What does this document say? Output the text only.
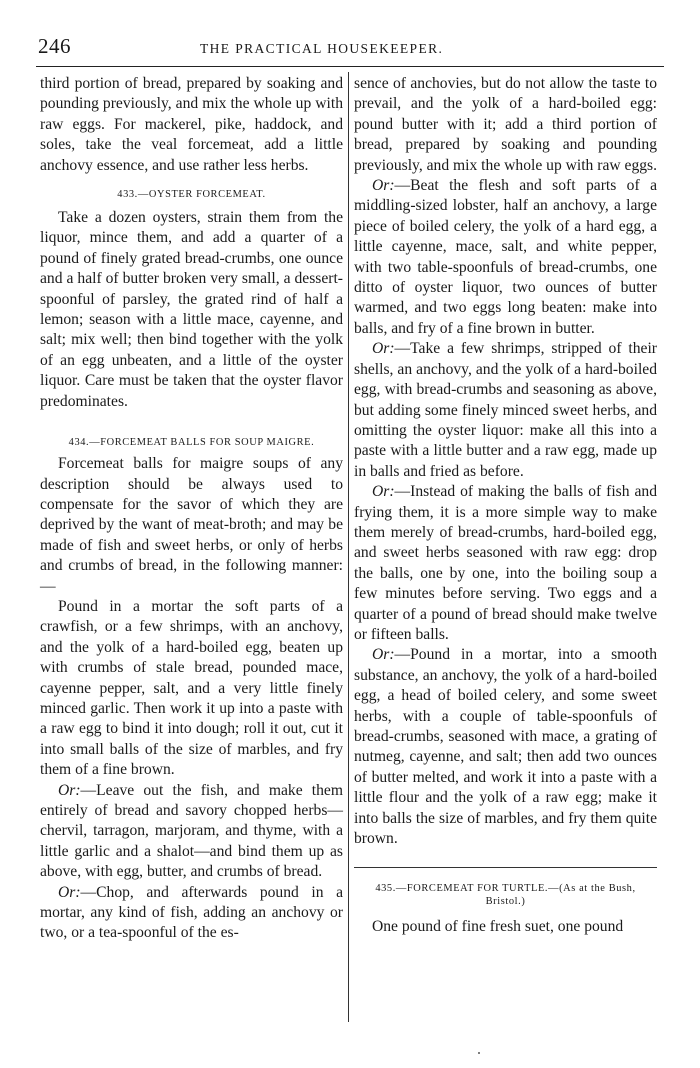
246	THE PRACTICAL HOUSEKEEPER.

third portion of bread, prepared by soaking and pounding previously, and mix the whole up with raw eggs. For mackerel, pike, haddock, and soles, take the veal forcemeat, add a little anchovy essence, and use rather less herbs.

433.—OYSTER FORCEMEAT.

Take a dozen oysters, strain them from the liquor, mince them, and add a quarter of a pound of finely grated bread-crumbs, one ounce and a half of butter broken very small, a dessert-spoonful of parsley, the grated rind of half a lemon; season with a little mace, cayenne, and salt; mix well; then bind together with the yolk of an egg unbeaten, and a little of the oyster liquor. Care must be taken that the oyster flavor predominates.

434.—FORCEMEAT BALLS FOR SOUP MAIGRE.

Forcemeat balls for maigre soups of any description should be always used to compensate for the savor of which they are deprived by the want of meat-broth; and may be made of fish and sweet herbs, or only of herbs and crumbs of bread, in the following manner:—

Pound in a mortar the soft parts of a crawfish, or a few shrimps, with an anchovy, and the yolk of a hard-boiled egg, beaten up with crumbs of stale bread, pounded mace, cayenne pepper, salt, and a very little finely minced garlic. Then work it up into a paste with a raw egg to bind it into dough; roll it out, cut it into small balls of the size of marbles, and fry them of a fine brown.

Or:—Leave out the fish, and make them entirely of bread and savory chopped herbs—chervil, tarragon, marjoram, and thyme, with a little garlic and a shalot—and bind them up as above, with egg, butter, and crumbs of bread.

Or:—Chop, and afterwards pound in a mortar, any kind of fish, adding an anchovy or two, or a tea-spoonful of the es-

sence of anchovies, but do not allow the taste to prevail, and the yolk of a hard-boiled egg: pound butter with it; add a third portion of bread, prepared by soaking and pounding previously, and mix the whole up with raw eggs.

Or:—Beat the flesh and soft parts of a middling-sized lobster, half an anchovy, a large piece of boiled celery, the yolk of a hard egg, a little cayenne, mace, salt, and white pepper, with two table-spoonfuls of bread-crumbs, one ditto of oyster liquor, two ounces of butter warmed, and two eggs long beaten: make into balls, and fry of a fine brown in butter.

Or:—Take a few shrimps, stripped of their shells, an anchovy, and the yolk of a hard-boiled egg, with bread-crumbs and seasoning as above, but adding some finely minced sweet herbs, and omitting the oyster liquor: make all this into a paste with a little butter and a raw egg, made up in balls and fried as before.

Or:—Instead of making the balls of fish and frying them, it is a more simple way to make them merely of bread-crumbs, hard-boiled egg, and sweet herbs seasoned with raw egg: drop the balls, one by one, into the boiling soup a few minutes before serving. Two eggs and a quarter of a pound of bread should make twelve or fifteen balls.

Or:—Pound in a mortar, into a smooth substance, an anchovy, the yolk of a hard-boiled egg, a head of boiled celery, and some sweet herbs, with a couple of table-spoonfuls of bread-crumbs, seasoned with mace, a grating of nutmeg, cayenne, and salt; then add two ounces of butter melted, and work it into a paste with a little flour and the yolk of a raw egg; make it into balls the size of marbles, and fry them quite brown.

435.—FORCEMEAT FOR TURTLE.—(As at the Bush, Bristol.)

One pound of fine fresh suet, one pound
